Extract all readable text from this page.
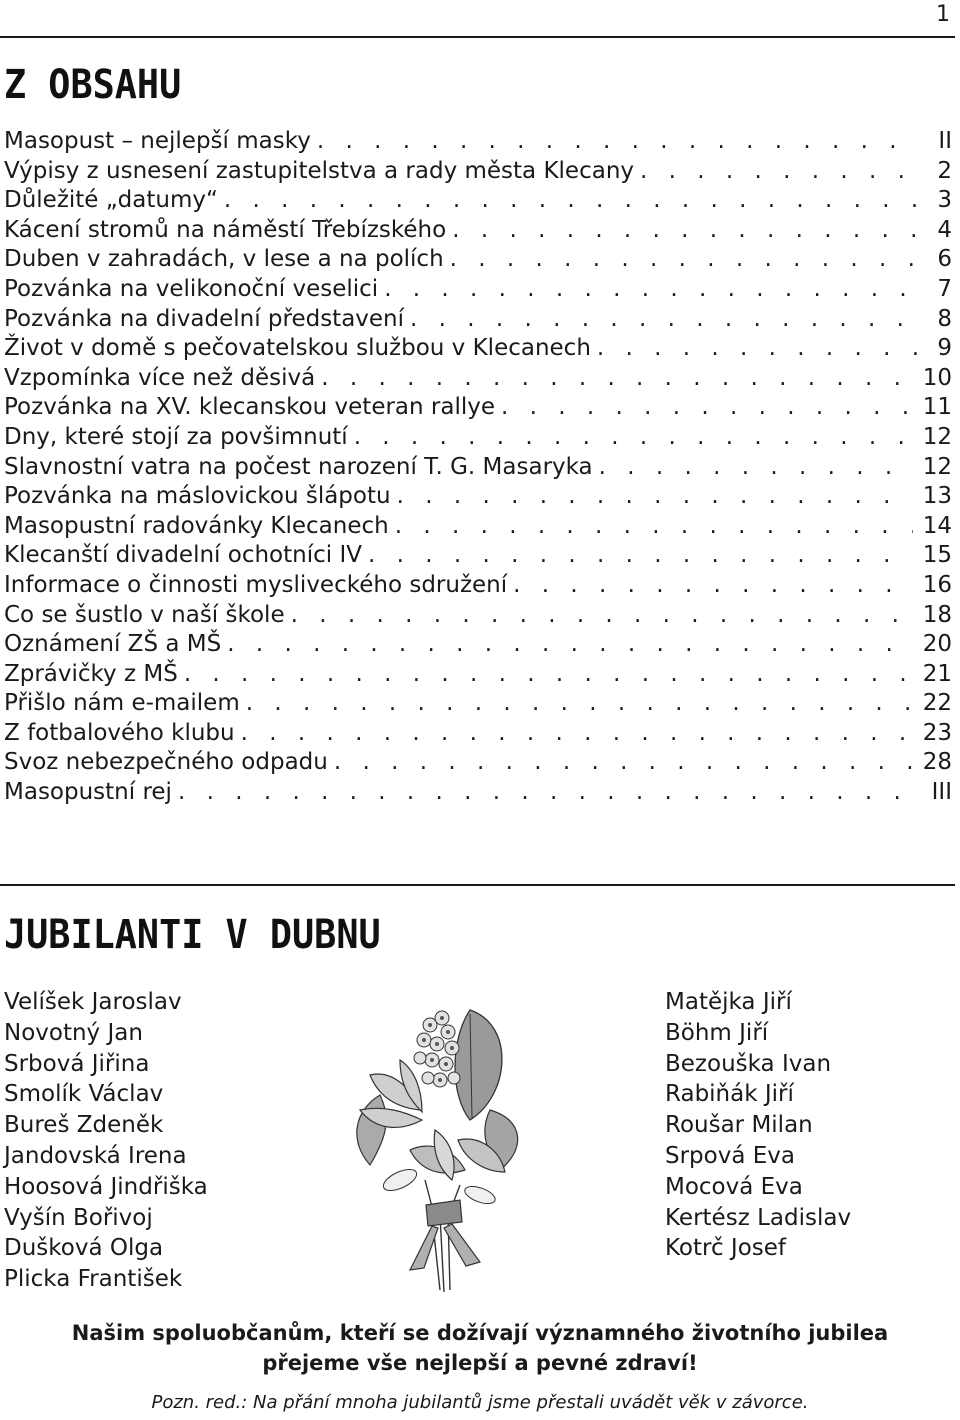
1
Z OBSAHU
Masopust – nejlepší masky . . .	II
Výpisy z usnesení zastupitelstva a rady města Klecany . . .	2
Důležité „datumy“ . . .	3
Kácení stromů na náměstí Třebízského . . .	4
Duben v zahradách, v lese a na polích . . .	6
Pozvánka na velikonoční veselici . . .	7
Pozvánka na divadelní představení . . .	8
Život v domě s pečovatelskou službou v Klecanech . . .	9
Vzpomínka více než děsivá . . .	10
Pozvánka na XV. klecanskou veteran rallye . . .	11
Dny, které stojí za povšimnutí . . .	12
Slavnostní vatra na počest narození T. G. Masaryka . . .	12
Pozvánka na máslovickou šlápotu . . .	13
Masopustní radovánky Klecanech . . .	14
Klecanští divadelní ochotníci IV . . .	15
Informace o činnosti mysliveckého sdružení . . .	16
Co se šustlo v naší škole . . .	18
Oznámení ZŠ a MŠ . . .	20
Zprávičky z MŠ . . .	21
Přišlo nám e-mailem . . .	22
Z fotbalového klubu . . .	23
Svoz nebezpečného odpadu . . .	28
Masopustní rej . . .	III
JUBILANTI V DUBNU
Velíšek Jaroslav
Novotný Jan
Srbová Jiřina
Smolík Václav
Bureš Zdeněk
Jandovská Irena
Hoosová Jindřiška
Vyšín Bořivoj
Dušková Olga
Plicka František
Matějka Jiří
Böhm Jiří
Bezouška Ivan
Rabiňák Jiří
Roušar Milan
Srpová Eva
Mocová Eva
Kertész Ladislav
Kotrč Josef

Našim spoluobčanům, kteří se dožívají významného životního jubilea

přejeme vše nejlepší a pevné zdraví!

Pozn. red.: Na přání mnoha jubilantů jsme přestali uvádět věk v závorce.
